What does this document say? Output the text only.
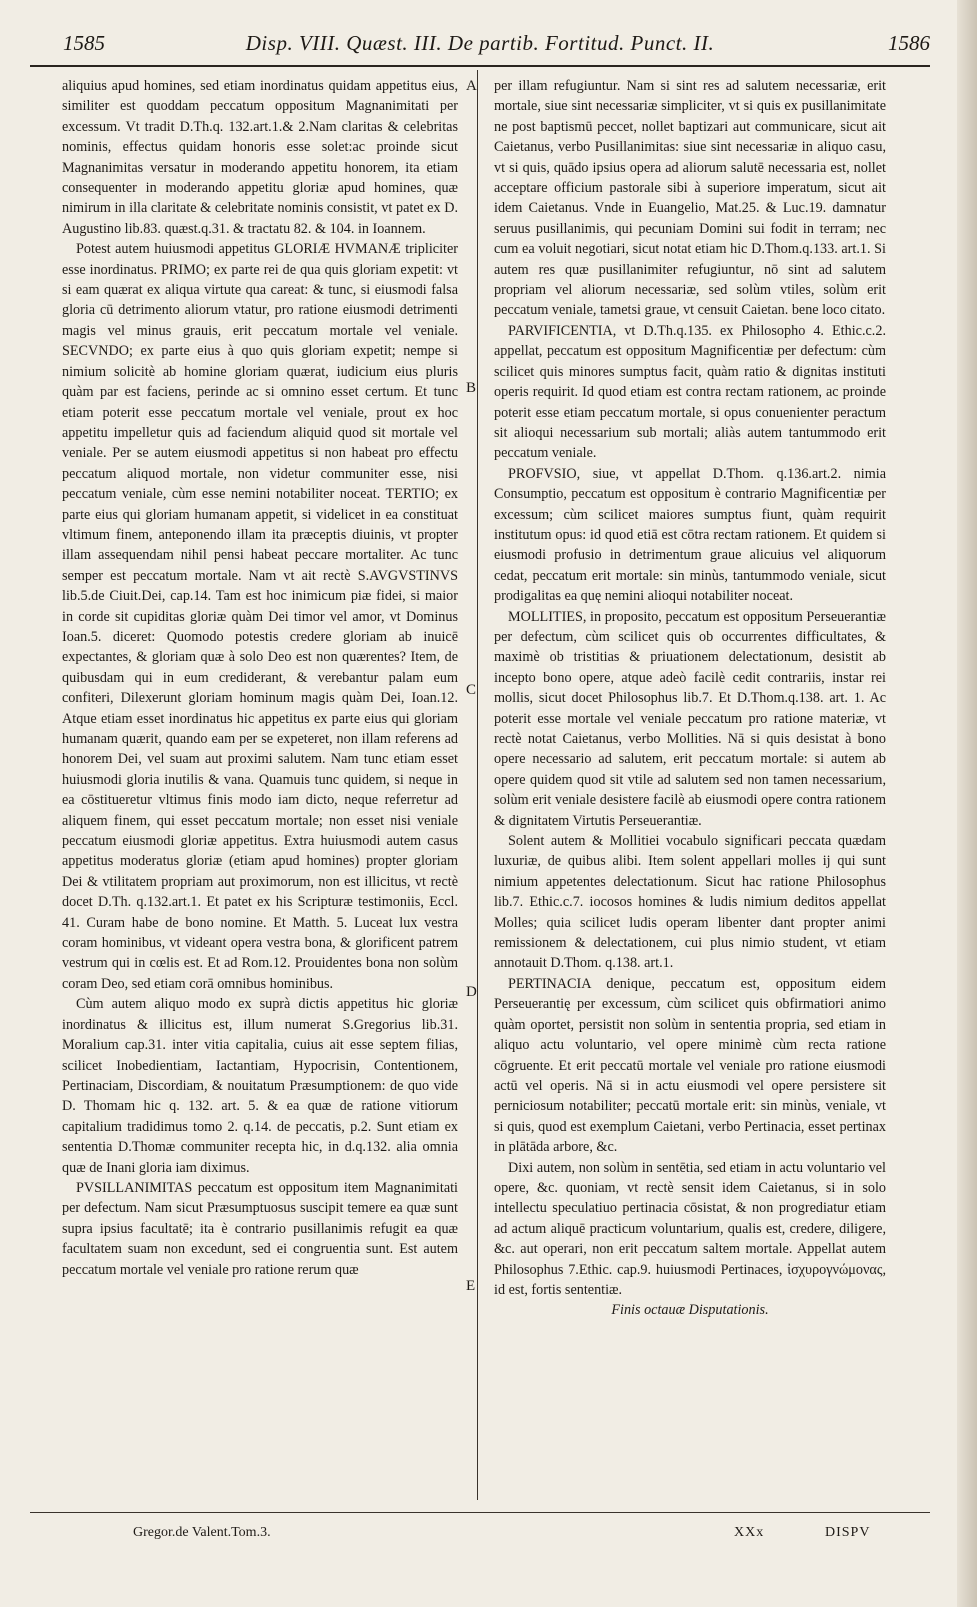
1585	Disp. VIII. Quæst. III. De partib. Fortitud. Punct. II.	1586
A
B
C
D
E

aliquius apud homines, sed etiam inordinatus quidam appetitus eius, similiter est quoddam peccatum oppositum Magnanimitati per excessum. Vt tradit D.Th.q. 132.art.1.& 2.Nam claritas & celebritas nominis, effectus quidam honoris esse solet:ac proinde sicut Magnanimitas versatur in moderando appetitu honorem, ita etiam consequenter in moderando appetitu gloriæ apud homines, quæ nimirum in illa claritate & celebritate nominis consistit, vt patet ex D. Augustino lib.83. quæst.q.31. & tractatu 82. & 104. in Ioannem.

Potest autem huiusmodi appetitus GLORIÆ HVMANÆ tripliciter esse inordinatus. PRIMO; ex parte rei de qua quis gloriam expetit: vt si eam quærat ex aliqua virtute qua careat: & tunc, si eiusmodi falsa gloria cū detrimento aliorum vtatur, pro ratione eiusmodi detrimenti magis vel minus grauis, erit peccatum mortale vel veniale. SECVNDO; ex parte eius à quo quis gloriam expetit; nempe si nimium solicitè ab homine gloriam quærat, iudicium eius pluris quàm par est faciens, perinde ac si omnino esset certum. Et tunc etiam poterit esse peccatum mortale vel veniale, prout ex hoc appetitu impelletur quis ad faciendum aliquid quod sit mortale vel veniale. Per se autem eiusmodi appetitus si non habeat pro effectu peccatum aliquod mortale, non videtur communiter esse, nisi peccatum veniale, cùm esse nemini notabiliter noceat. TERTIO; ex parte eius qui gloriam humanam appetit, si videlicet in ea constituat vltimum finem, anteponendo illam ita præceptis diuinis, vt propter illam assequendam nihil pensi habeat peccare mortaliter. Ac tunc semper est peccatum mortale. Nam vt ait rectè S.AVGVSTINVS lib.5.de Ciuit.Dei, cap.14. Tam est hoc inimicum piæ fidei, si maior in corde sit cupiditas gloriæ quàm Dei timor vel amor, vt Dominus Ioan.5. diceret: Quomodo potestis credere gloriam ab inuicē expectantes, & gloriam quæ à solo Deo est non quærentes? Item, de quibusdam qui in eum crediderant, & verebantur palam eum confiteri, Dilexerunt gloriam hominum magis quàm Dei, Ioan.12. Atque etiam esset inordinatus hic appetitus ex parte eius qui gloriam humanam quærit, quando eam per se expeteret, non illam referens ad honorem Dei, vel suam aut proximi salutem. Nam tunc etiam esset huiusmodi gloria inutilis & vana. Quamuis tunc quidem, si neque in ea cōstitueretur vltimus finis modo iam dicto, neque referretur ad aliquem finem, qui esset peccatum mortale; non esset nisi veniale peccatum eiusmodi gloriæ appetitus. Extra huiusmodi autem casus appetitus moderatus gloriæ (etiam apud homines) propter gloriam Dei & vtilitatem propriam aut proximorum, non est illicitus, vt rectè docet D.Th. q.132.art.1. Et patet ex his Scripturæ testimoniis, Eccl. 41. Curam habe de bono nomine. Et Matth. 5. Luceat lux vestra coram hominibus, vt videant opera vestra bona, & glorificent patrem vestrum qui in cœlis est. Et ad Rom.12. Prouidentes bona non solùm coram Deo, sed etiam corā omnibus hominibus.

Cùm autem aliquo modo ex suprà dictis appetitus hic gloriæ inordinatus & illicitus est, illum numerat S.Gregorius lib.31. Moralium cap.31. inter vitia capitalia, cuius ait esse septem filias, scilicet Inobedientiam, Iactantiam, Hypocrisin, Contentionem, Pertinaciam, Discordiam, & nouitatum Præsumptionem: de quo vide D. Thomam hic q. 132. art. 5. & ea quæ de ratione vitiorum capitalium tradidimus tomo 2. q.14. de peccatis, p.2. Sunt etiam ex sententia D.Thomæ communiter recepta hic, in d.q.132. alia omnia quæ de Inani gloria iam diximus.

PVSILLANIMITAS peccatum est oppositum item Magnanimitati per defectum. Nam sicut Præsumptuosus suscipit temere ea quæ sunt supra ipsius facultatē; ita è contrario pusillanimis refugit ea quæ facultatem suam non excedunt, sed ei congruentia sunt. Est autem peccatum mortale vel veniale pro ratione rerum quæ

per illam refugiuntur. Nam si sint res ad salutem necessariæ, erit mortale, siue sint necessariæ simpliciter, vt si quis ex pusillanimitate ne post baptismū peccet, nollet baptizari aut communicare, sicut ait Caietanus, verbo Pusillanimitas: siue sint necessariæ in aliquo casu, vt si quis, quādo ipsius opera ad aliorum salutē necessaria est, nollet acceptare officium pastorale sibi à superiore imperatum, sicut ait idem Caietanus. Vnde in Euangelio, Mat.25. & Luc.19. damnatur seruus pusillanimis, qui pecuniam Domini sui fodit in terram; nec cum ea voluit negotiari, sicut notat etiam hic D.Thom.q.133. art.1. Si autem res quæ pusillanimiter refugiuntur, nō sint ad salutem propriam vel aliorum necessariæ, sed solùm vtiles, solùm erit peccatum veniale, tametsi graue, vt censuit Caietan. bene loco citato.

PARVIFICENTIA, vt D.Th.q.135. ex Philosopho 4. Ethic.c.2. appellat, peccatum est oppositum Magnificentiæ per defectum: cùm scilicet quis minores sumptus facit, quàm ratio & dignitas instituti operis requirit. Id quod etiam est contra rectam rationem, ac proinde poterit esse etiam peccatum mortale, si opus conuenienter peractum sit alioqui necessarium sub mortali; aliàs autem tantummodo erit peccatum veniale.

PROFVSIO, siue, vt appellat D.Thom. q.136.art.2. nimia Consumptio, peccatum est oppositum è contrario Magnificentiæ per excessum; cùm scilicet maiores sumptus fiunt, quàm requirit institutum opus: id quod etiā est cōtra rectam rationem. Et quidem si eiusmodi profusio in detrimentum graue alicuius vel aliquorum cedat, peccatum erit mortale: sin minùs, tantummodo veniale, sicut prodigalitas ea quę nemini alioqui notabiliter noceat.

MOLLITIES, in proposito, peccatum est oppositum Perseuerantiæ per defectum, cùm scilicet quis ob occurrentes difficultates, & maximè ob tristitias & priuationem delectationum, desistit ab incepto bono opere, atque adeò facilè cedit contrariis, instar rei mollis, sicut docet Philosophus lib.7. Et D.Thom.q.138. art. 1. Ac poterit esse mortale vel veniale peccatum pro ratione materiæ, vt rectè notat Caietanus, verbo Mollities. Nā si quis desistat à bono opere necessario ad salutem, erit peccatum mortale: si autem ab opere quidem quod sit vtile ad salutem sed non tamen necessarium, solùm erit veniale desistere facilè ab eiusmodi opere contra rationem & dignitatem Virtutis Perseuerantiæ.

Solent autem & Mollitiei vocabulo significari peccata quædam luxuriæ, de quibus alibi. Item solent appellari molles ij qui sunt nimium appetentes delectationum. Sicut hac ratione Philosophus lib.7. Ethic.c.7. iocosos homines & ludis nimium deditos appellat Molles; quia scilicet ludis operam libenter dant propter animi remissionem & delectationem, cui plus nimio student, vt etiam annotauit D.Thom. q.138. art.1.

PERTINACIA denique, peccatum est, oppositum eidem Perseuerantię per excessum, cùm scilicet quis obfirmatiori animo quàm oportet, persistit non solùm in sententia propria, sed etiam in aliquo actu voluntario, vel opere minimè cùm recta ratione cōgruente. Et erit peccatū mortale vel veniale pro ratione eiusmodi actū vel operis. Nā si in actu eiusmodi vel opere persistere sit perniciosum notabiliter; peccatū mortale erit: sin minùs, veniale, vt si quis, quod est exemplum Caietani, verbo Pertinacia, esset pertinax in plātāda arbore, &c.

Dixi autem, non solùm in sentētia, sed etiam in actu voluntario vel opere, &c. quoniam, vt rectè sensit idem Caietanus, si in solo intellectu speculatiuo pertinacia cōsistat, & non progrediatur etiam ad actum aliquē practicum voluntarium, qualis est, credere, diligere, &c. aut operari, non erit peccatum saltem mortale. Appellat autem Philosophus 7.Ethic. cap.9. huiusmodi Pertinaces, ἰσχυρογνώμονας, id est, fortis sententiæ.

Finis octauæ Disputationis.

Gregor.de Valent.Tom.3.	XXx	DISPV
